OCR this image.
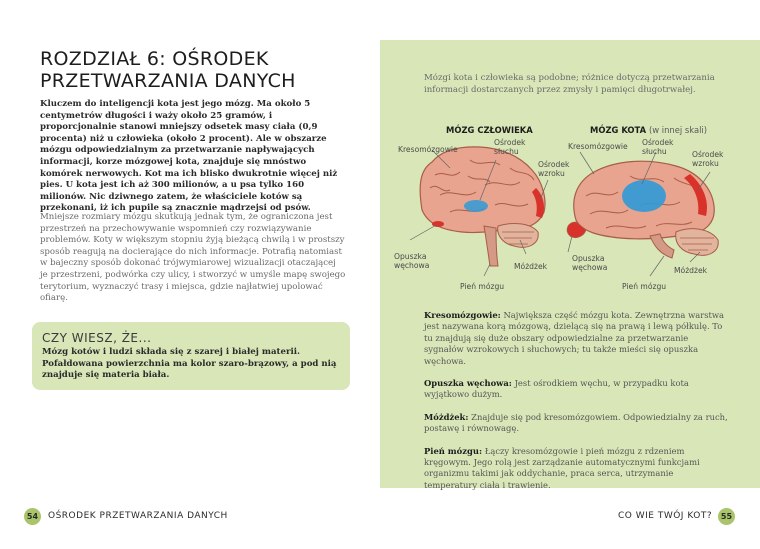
ROZDZIAŁ 6: OŚRODEK
PRZETWARZANIA DANYCH

Kluczem do inteligencji kota jest jego mózg. Ma około 5 centymetrów długości i waży około 25 gramów, i proporcjonalnie stanowi mniejszy odsetek masy ciała (0,9 procenta) niż u człowieka (około 2 procent). Ale w obszarze mózgu odpowiedzialnym za przetwarzanie napływających informacji, korze mózgowej kota, znajduje się mnóstwo komórek nerwowych. Kot ma ich blisko dwukrotnie więcej niż pies. U kota jest ich aż 300 milionów, a u psa tylko 160 milionów. Nic dziwnego zatem, że właściciele kotów są przekonani, iż ich pupile są znacznie mądrzejsi od psów.

Mniejsze rozmiary mózgu skutkują jednak tym, że ograniczona jest przestrzeń na przechowywanie wspomnień czy rozwiązywanie problemów. Koty w większym stopniu żyją bieżącą chwilą i w prostszy sposób reagują na docierające do nich informacje. Potrafią natomiast w bajeczny sposób dokonać trójwymiarowej wizualizacji otaczającej je przestrzeni, podwórka czy ulicy, i stworzyć w umyśle mapę swojego terytorium, wyznaczyć trasy i miejsca, gdzie najłatwiej upolować ofiarę.

CZY WIESZ, ŻE...

Mózg kotów i ludzi składa się z szarej i białej materii. Pofałdowana powierzchnia ma kolor szaro-brązowy, a pod nią znajduje się materia biała.

54	OŚRODEK PRZETWARZANIA DANYCH

Mózgi kota i człowieka są podobne; różnice dotyczą przetwarzania informacji dostarczanych przez zmysły i pamięci długotrwałej.

MÓZG CZŁOWIEKA	MÓZG KOTA (w innej skali)
Kresomózgowie
Ośrodek słuchu
Ośrodek wzroku
Opuszka węchowa	Móżdżek
Pień mózgu
Kresomózgowie Ośrodek słuchu	Ośrodek wzroku
Opuszka węchowa	Móżdżek
Pień mózgu

Kresomózgowie: Największa część mózgu kota. Zewnętrzna warstwa jest nazywana korą mózgową, dzielącą się na prawą i lewą półkulę. To tu znajdują się duże obszary odpowiedzialne za przetwarzanie sygnałów wzrokowych i słuchowych; tu także mieści się opuszka węchowa.

Opuszka węchowa: Jest ośrodkiem węchu, w przypadku kota wyjątkowo dużym.

Móżdżek: Znajduje się pod kresomózgowiem. Odpowiedzialny za ruch, postawę i równowagę.

Pień mózgu: Łączy kresomózgowie i pień mózgu z rdzeniem kręgowym. Jego rolą jest zarządzanie automatycznymi funkcjami organizmu takimi jak oddychanie, praca serca, utrzymanie temperatury ciała i trawienie.

CO WIE TWÓJ KOT?	55
